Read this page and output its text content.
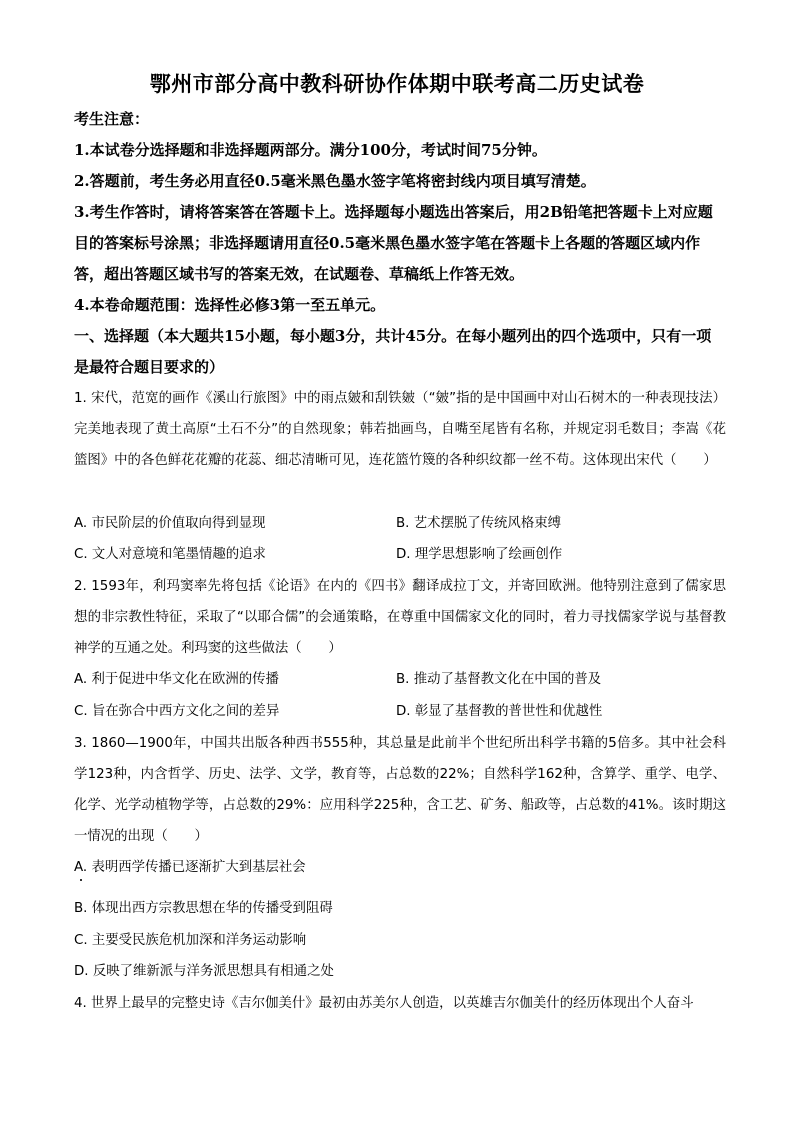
鄂州市部分高中教科研协作体期中联考高二历史试卷
考生注意：
1.本试卷分选择题和非选择题两部分。满分100分，考试时间75分钟。
2.答题前，考生务必用直径0.5毫米黑色墨水签字笔将密封线内项目填写清楚。
3.考生作答时，请将答案答在答题卡上。选择题每小题选出答案后，用2B铅笔把答题卡上对应题目的答案标号涂黑；非选择题请用直径0.5毫米黑色墨水签字笔在答题卡上各题的答题区域内作答，超出答题区域书写的答案无效，在试题卷、草稿纸上作答无效。
4.本卷命题范围：选择性必修3第一至五单元。
一、选择题（本大题共15小题，每小题3分，共计45分。在每小题列出的四个选项中，只有一项是最符合题目要求的）
1. 宋代，范宽的画作《溪山行旅图》中的雨点皴和刮铁皴（“皴”指的是中国画中对山石树木的一种表现技法）完美地表现了黄土高原“土石不分”的自然现象；韩若拙画鸟，自嘴至尾皆有名称，并规定羽毛数目；李嵩《花篮图》中的各色鲜花花瓣的花蕊、细芯清晰可见，连花篮竹篾的各种织纹都一丝不苟。这体现出宋代（　　）
A. 市民阶层的价值取向得到显现	B. 艺术摆脱了传统风格束缚
C. 文人对意境和笔墨情趣的追求	D. 理学思想影响了绘画创作
2. 1593年，利玛窦率先将包括《论语》在内的《四书》翻译成拉丁文，并寄回欧洲。他特别注意到了儒家思想的非宗教性特征，采取了“以耶合儒”的会通策略，在尊重中国儒家文化的同时，着力寻找儒家学说与基督教神学的互通之处。利玛窦的这些做法（　　）
A. 利于促进中华文化在欧洲的传播	B. 推动了基督教文化在中国的普及
C. 旨在弥合中西方文化之间的差异	D. 彰显了基督教的普世性和优越性
3. 1860—1900年，中国共出版各种西书555种，其总量是此前半个世纪所出科学书籍的5倍多。其中社会科学123种，内含哲学、历史、法学、文学，教育等，占总数的22%；自然科学162种，含算学、重学、电学、化学、光学动植物学等，占总数的29%：应用科学225种，含工艺、矿务、船政等，占总数的41%。该时期这一情况的出现（　　）
A. 表明西学传播已逐渐扩大到基层社会
B. 体现出西方宗教思想在华的传播受到阻碍
C. 主要受民族危机加深和洋务运动影响
D. 反映了维新派与洋务派思想具有相通之处
4. 世界上最早的完整史诗《吉尔伽美什》最初由苏美尔人创造，以英雄吉尔伽美什的经历体现出个人奋斗
